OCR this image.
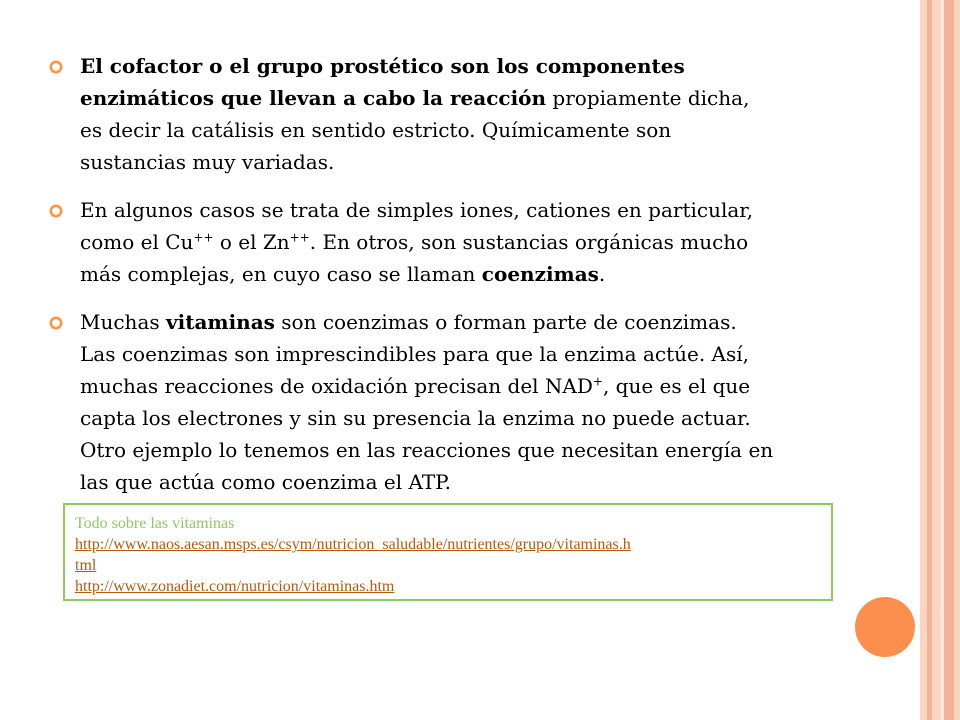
El cofactor o el grupo prostético son los componentes
enzimáticos que llevan a cabo la reacción propiamente dicha,
es decir la catálisis en sentido estricto. Químicamente son
sustancias muy variadas.
En algunos casos se trata de simples iones, cationes en particular,
como el Cu++ o el Zn++. En otros, son sustancias orgánicas mucho
más complejas, en cuyo caso se llaman coenzimas.
Muchas vitaminas son coenzimas o forman parte de coenzimas.
Las coenzimas son imprescindibles para que la enzima actúe. Así,
muchas reacciones de oxidación precisan del NAD+, que es el que
capta los electrones y sin su presencia la enzima no puede actuar.
Otro ejemplo lo tenemos en las reacciones que necesitan energía en
las que actúa como coenzima el ATP.
Todo sobre las vitaminas
http://www.naos.aesan.msps.es/csym/nutricion_saludable/nutrientes/grupo/vitaminas.h
tml
http://www.zonadiet.com/nutricion/vitaminas.htm
